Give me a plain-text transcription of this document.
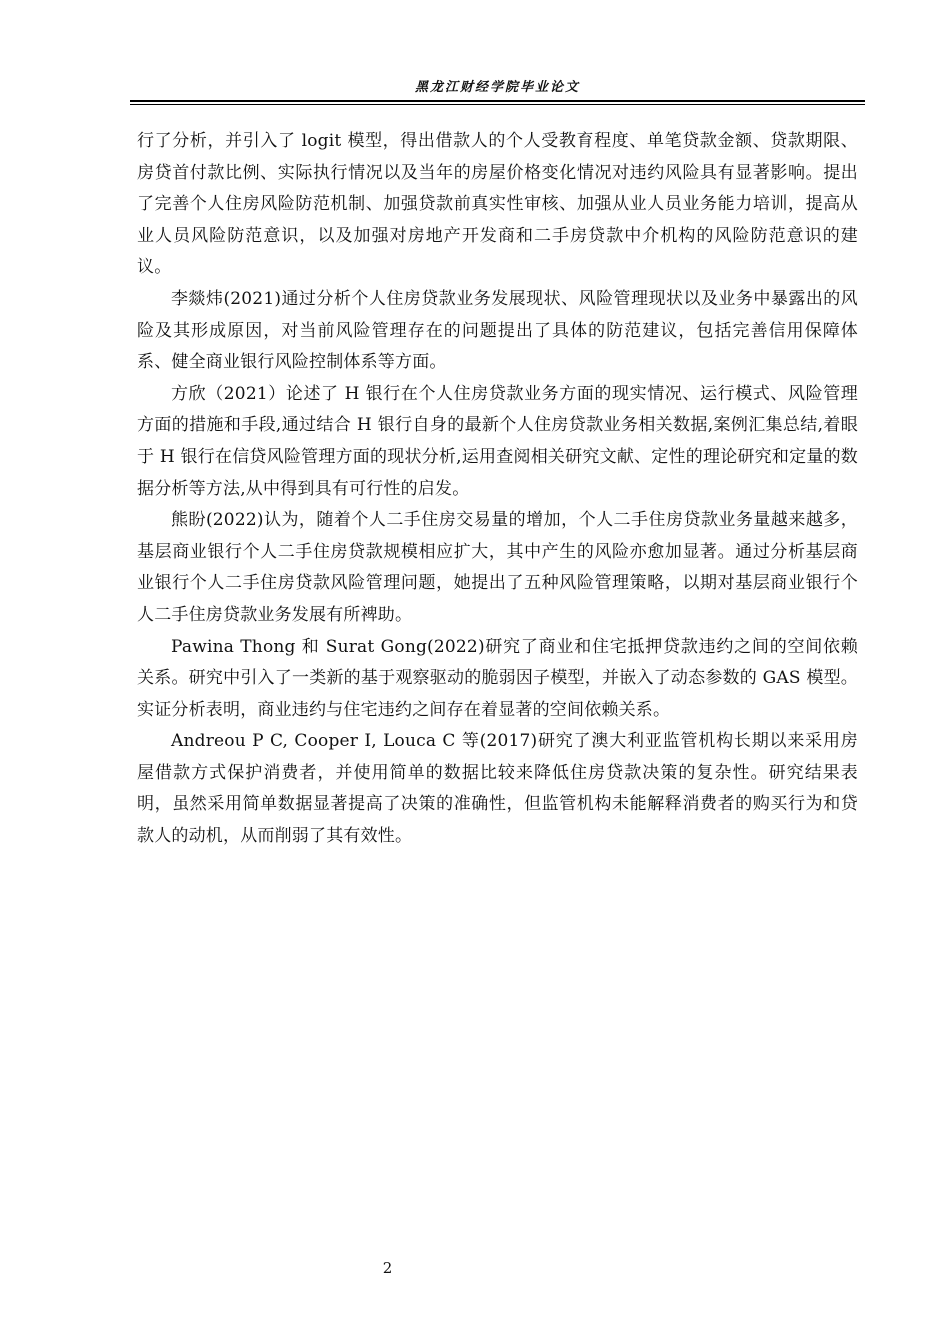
黑龙江财经学院毕业论文

行了分析，并引入了 logit 模型，得出借款人的个人受教育程度、单笔贷款金额、贷款期限、房贷首付款比例、实际执行情况以及当年的房屋价格变化情况对违约风险具有显著影响。提出了完善个人住房风险防范机制、加强贷款前真实性审核、加强从业人员业务能力培训，提高从业人员风险防范意识，以及加强对房地产开发商和二手房贷款中介机构的风险防范意识的建议。

李燚炜(2021)通过分析个人住房贷款业务发展现状、风险管理现状以及业务中暴露出的风险及其形成原因，对当前风险管理存在的问题提出了具体的防范建议，包括完善信用保障体系、健全商业银行风险控制体系等方面。

方欣（2021）论述了 H 银行在个人住房贷款业务方面的现实情况、运行模式、风险管理方面的措施和手段,通过结合 H 银行自身的最新个人住房贷款业务相关数据,案例汇集总结,着眼于 H 银行在信贷风险管理方面的现状分析,运用查阅相关研究文献、定性的理论研究和定量的数据分析等方法,从中得到具有可行性的启发。

熊盼(2022)认为，随着个人二手住房交易量的增加，个人二手住房贷款业务量越来越多，基层商业银行个人二手住房贷款规模相应扩大，其中产生的风险亦愈加显著。通过分析基层商业银行个人二手住房贷款风险管理问题，她提出了五种风险管理策略，以期对基层商业银行个人二手住房贷款业务发展有所裨助。

Pawina Thong 和 Surat Gong(2022)研究了商业和住宅抵押贷款违约之间的空间依赖关系。研究中引入了一类新的基于观察驱动的脆弱因子模型，并嵌入了动态参数的 GAS 模型。实证分析表明，商业违约与住宅违约之间存在着显著的空间依赖关系。

Andreou P C, Cooper I, Louca C 等(2017)研究了澳大利亚监管机构长期以来采用房屋借款方式保护消费者，并使用简单的数据比较来降低住房贷款决策的复杂性。研究结果表明，虽然采用简单数据显著提高了决策的准确性，但监管机构未能解释消费者的购买行为和贷款人的动机，从而削弱了其有效性。

2
